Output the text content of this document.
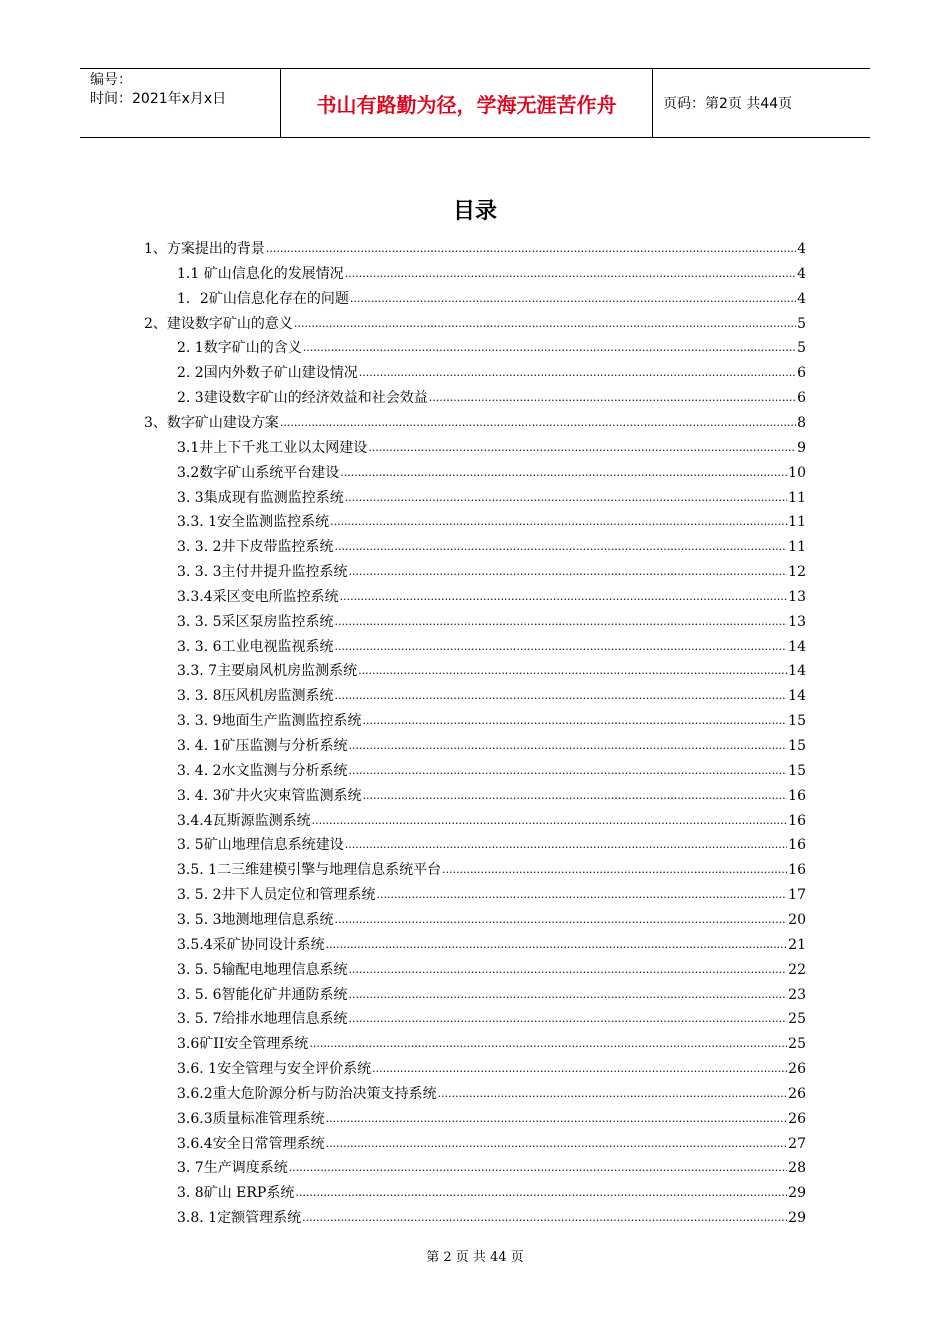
编号：
时间：2021年x月x日	书山有路勤为径，学海无涯苦作舟	页码：第2页 共44页
目录
1、方案提出的背景 .....	4
1.1 矿山信息化的发展情况 .....	4
1．2矿山信息化存在的问题 .....	4
2、建设数字矿山的意义 .....	5
2. 1数字矿山的含义 .....	5
2. 2国内外数子矿山建设情况 .....	6
2. 3建设数字矿山的经济效益和社会效益 .....	6
3、数字矿山建设方案 .....	8
3.1井上下千兆工业以太网建设 .....	9
3.2数字矿山系统平台建设 .....	10
3. 3集成现有监测监控系统 .....	11
3.3. 1安全监测监控系统 .....	11
3. 3. 2井下皮带监控系统 .....	11
3. 3. 3主付井提升监控系统 .....	12
3.3.4采区变电所监控系统 .....	13
3. 3. 5采区泵房监控系统 .....	13
3. 3. 6工业电视监视系统 .....	14
3.3. 7主要扇风机房监测系统 .....	14
3. 3. 8压风机房监测系统 .....	14
3. 3. 9地面生产监测监控系统 .....	15
3. 4. 1矿压监测与分析系统 .....	15
3. 4. 2水文监测与分析系统 .....	15
3. 4. 3矿井火灾束管监测系统 .....	16
3.4.4瓦斯源监测系统 .....	16
3. 5矿山地理信息系统建设 .....	16
3.5. 1二三维建模引擎与地理信息系统平台 .....	16
3. 5. 2井下人员定位和管理系统 .....	17
3. 5. 3地测地理信息系统 .....	20
3.5.4采矿协同设计系统 .....	21
3. 5. 5输配电地理信息系统 .....	22
3. 5. 6智能化矿井通防系统 .....	23
3. 5. 7给排水地理信息系统 .....	25
3.6矿II安全管理系统 .....	25
3.6. 1安全管理与安全评价系统 .....	26
3.6.2重大危阶源分析与防治决策支持系统 .....	26
3.6.3质量标准管理系统 .....	26
3.6.4安全日常管理系统 .....	27
3. 7生产调度系统 .....	28
3. 8矿山 ERP系统 .....	29
3.8. 1定额管理系统 .....	29
第 2 页 共 44 页
